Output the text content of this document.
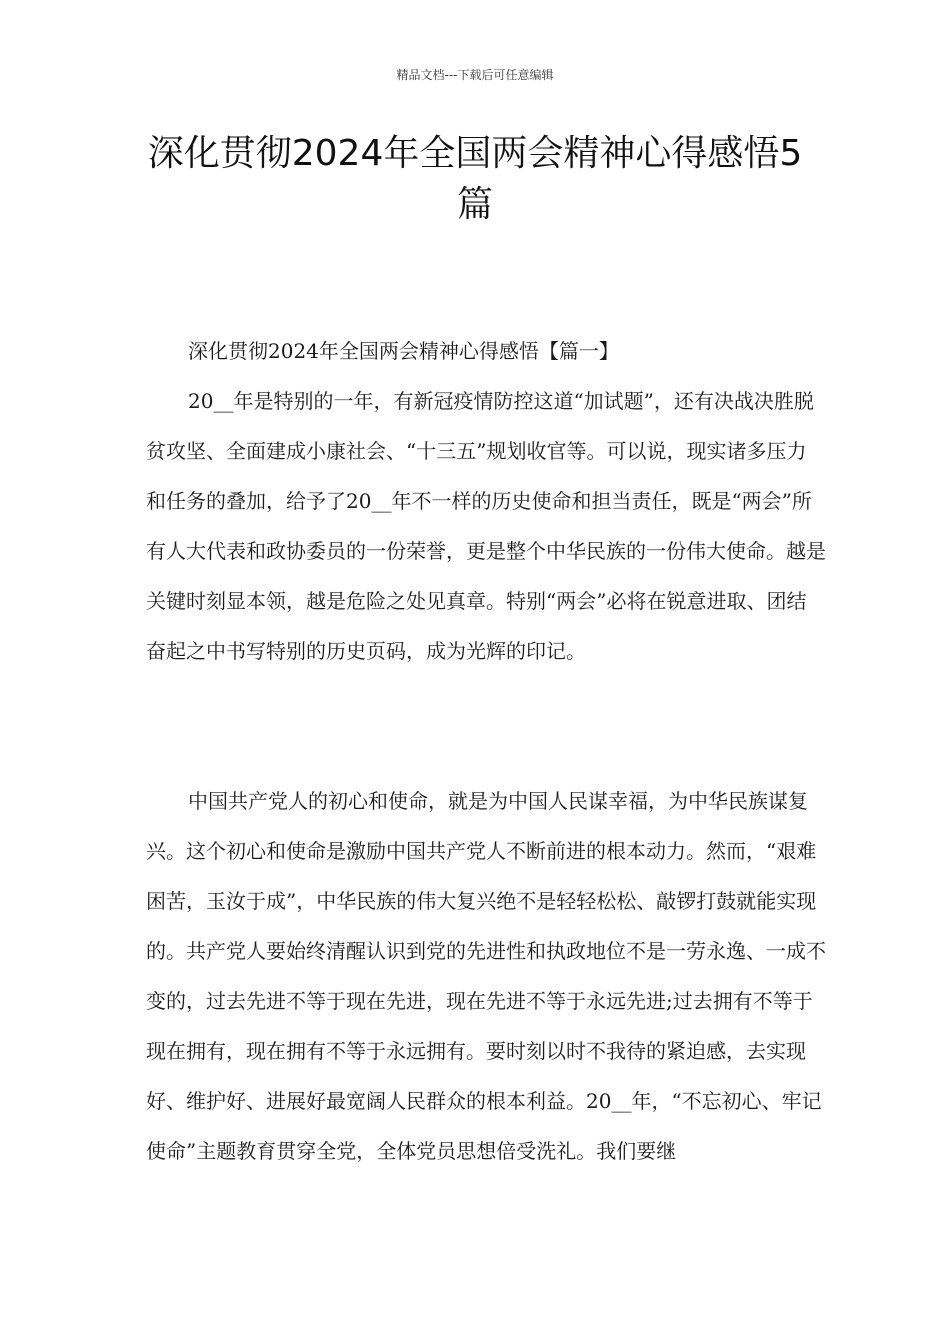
精品文档---下载后可任意编辑
深化贯彻2024年全国两会精神心得感悟5篇

深化贯彻2024年全国两会精神心得感悟【篇一】

20__年是特别的一年，有新冠疫情防控这道“加试题”，还有决战决胜脱贫攻坚、全面建成小康社会、“十三五”规划收官等。可以说，现实诸多压力和任务的叠加，给予了20__年不一样的历史使命和担当责任，既是“两会”所有人大代表和政协委员的一份荣誉，更是整个中华民族的一份伟大使命。越是关键时刻显本领，越是危险之处见真章。特别“两会”必将在锐意进取、团结奋起之中书写特别的历史页码，成为光辉的印记。

中国共产党人的初心和使命，就是为中国人民谋幸福，为中华民族谋复兴。这个初心和使命是激励中国共产党人不断前进的根本动力。然而，“艰难困苦，玉汝于成”，中华民族的伟大复兴绝不是轻轻松松、敲锣打鼓就能实现的。共产党人要始终清醒认识到党的先进性和执政地位不是一劳永逸、一成不变的，过去先进不等于现在先进，现在先进不等于永远先进;过去拥有不等于现在拥有，现在拥有不等于永远拥有。要时刻以时不我待的紧迫感，去实现好、维护好、进展好最宽阔人民群众的根本利益。20__年，“不忘初心、牢记使命”主题教育贯穿全党，全体党员思想倍受洗礼。我们要继
